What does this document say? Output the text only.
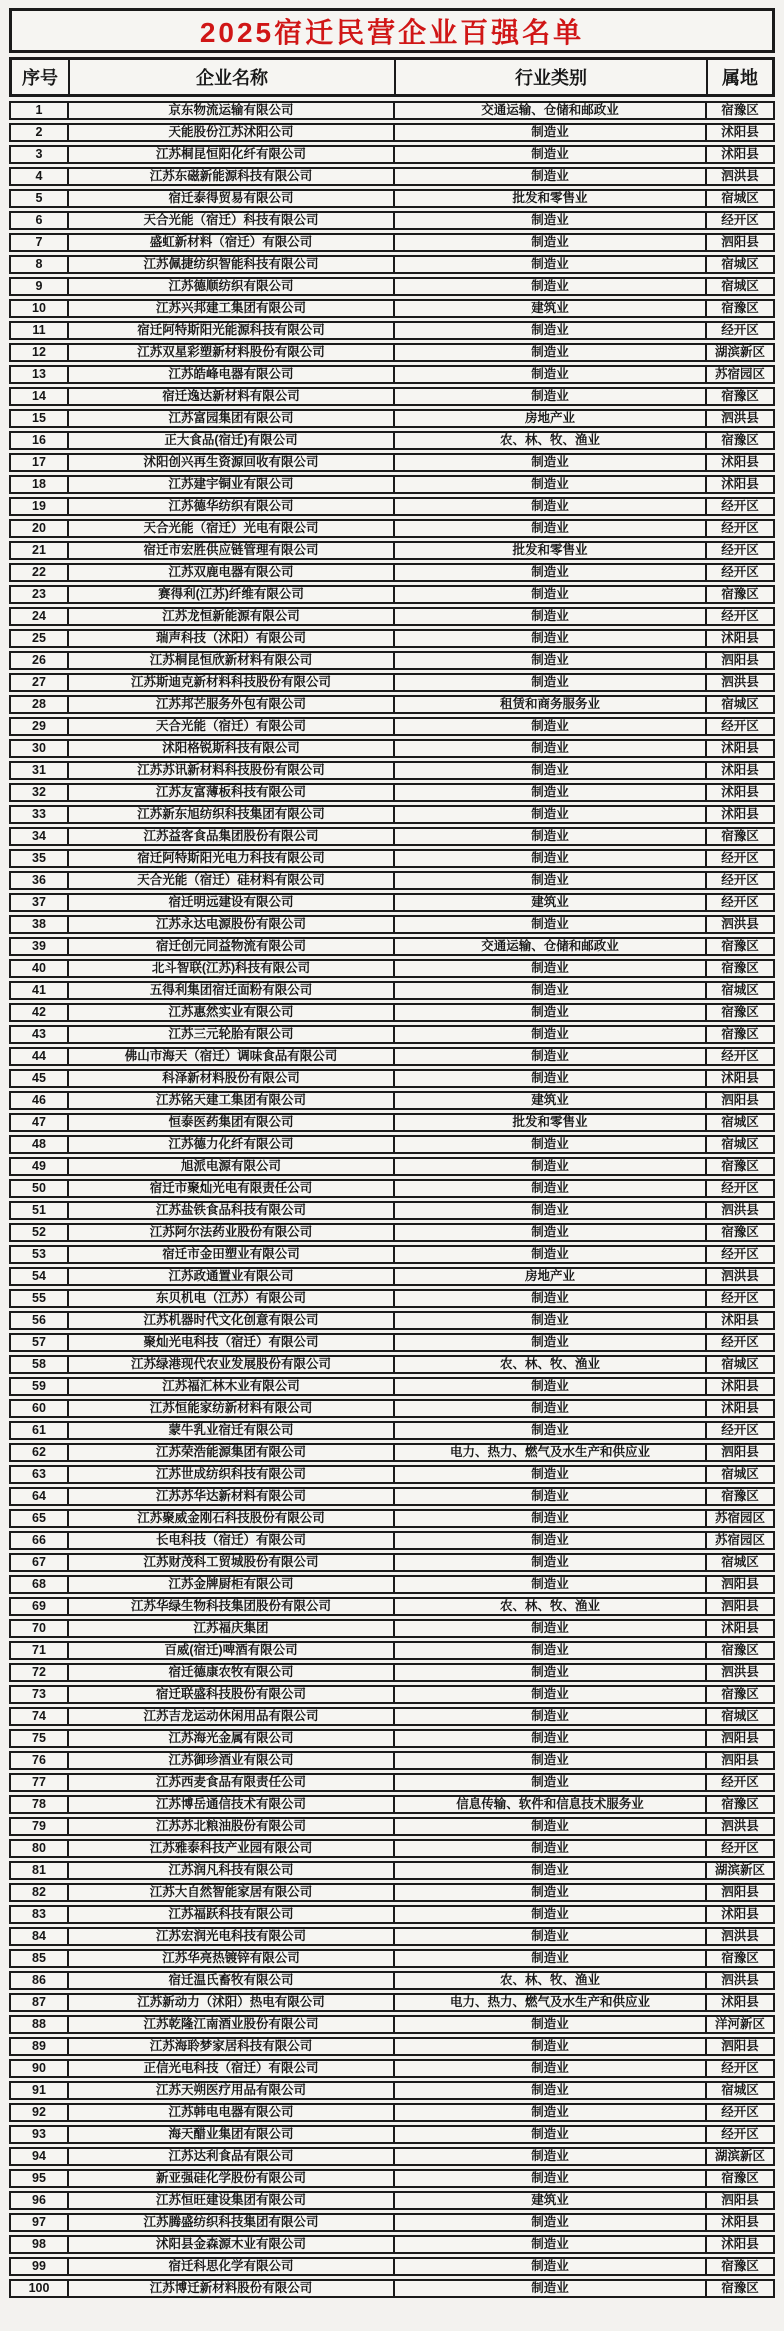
2025宿迁民营企业百强名单
序号	企业名称	行业类别	属地
1	京东物流运输有限公司	交通运输、仓储和邮政业	宿豫区
2	天能股份江苏沭阳公司	制造业	沭阳县
3	江苏桐昆恒阳化纤有限公司	制造业	沭阳县
4	江苏东磁新能源科技有限公司	制造业	泗洪县
5	宿迁泰得贸易有限公司	批发和零售业	宿城区
6	天合光能（宿迁）科技有限公司	制造业	经开区
7	盛虹新材料（宿迁）有限公司	制造业	泗阳县
8	江苏佩捷纺织智能科技有限公司	制造业	宿城区
9	江苏德顺纺织有限公司	制造业	宿城区
10	江苏兴邦建工集团有限公司	建筑业	宿豫区
11	宿迁阿特斯阳光能源科技有限公司	制造业	经开区
12	江苏双星彩塑新材料股份有限公司	制造业	湖滨新区
13	江苏皓峰电器有限公司	制造业	苏宿园区
14	宿迁逸达新材料有限公司	制造业	宿豫区
15	江苏富园集团有限公司	房地产业	泗洪县
16	正大食品(宿迁)有限公司	农、林、牧、渔业	宿豫区
17	沭阳创兴再生资源回收有限公司	制造业	沭阳县
18	江苏建宇铜业有限公司	制造业	沭阳县
19	江苏德华纺织有限公司	制造业	经开区
20	天合光能（宿迁）光电有限公司	制造业	经开区
21	宿迁市宏胜供应链管理有限公司	批发和零售业	经开区
22	江苏双鹿电器有限公司	制造业	经开区
23	赛得利(江苏)纤维有限公司	制造业	宿豫区
24	江苏龙恒新能源有限公司	制造业	经开区
25	瑞声科技（沭阳）有限公司	制造业	沭阳县
26	江苏桐昆恒欣新材料有限公司	制造业	泗阳县
27	江苏斯迪克新材料科技股份有限公司	制造业	泗洪县
28	江苏邦芒服务外包有限公司	租赁和商务服务业	宿城区
29	天合光能（宿迁）有限公司	制造业	经开区
30	沭阳格锐斯科技有限公司	制造业	沭阳县
31	江苏苏讯新材料科技股份有限公司	制造业	沭阳县
32	江苏友富薄板科技有限公司	制造业	沭阳县
33	江苏新东旭纺织科技集团有限公司	制造业	沭阳县
34	江苏益客食品集团股份有限公司	制造业	宿豫区
35	宿迁阿特斯阳光电力科技有限公司	制造业	经开区
36	天合光能（宿迁）硅材料有限公司	制造业	经开区
37	宿迁明远建设有限公司	建筑业	经开区
38	江苏永达电源股份有限公司	制造业	泗洪县
39	宿迁创元同益物流有限公司	交通运输、仓储和邮政业	宿豫区
40	北斗智联(江苏)科技有限公司	制造业	宿豫区
41	五得利集团宿迁面粉有限公司	制造业	宿城区
42	江苏惠然实业有限公司	制造业	宿豫区
43	江苏三元轮胎有限公司	制造业	宿豫区
44	佛山市海天（宿迁）调味食品有限公司	制造业	经开区
45	科泽新材料股份有限公司	制造业	沭阳县
46	江苏铭天建工集团有限公司	建筑业	泗阳县
47	恒泰医药集团有限公司	批发和零售业	宿城区
48	江苏德力化纤有限公司	制造业	宿城区
49	旭派电源有限公司	制造业	宿豫区
50	宿迁市聚灿光电有限责任公司	制造业	经开区
51	江苏盐铁食品科技有限公司	制造业	泗洪县
52	江苏阿尔法药业股份有限公司	制造业	宿豫区
53	宿迁市金田塑业有限公司	制造业	经开区
54	江苏政通置业有限公司	房地产业	泗洪县
55	东贝机电（江苏）有限公司	制造业	经开区
56	江苏机器时代文化创意有限公司	制造业	沭阳县
57	聚灿光电科技（宿迁）有限公司	制造业	经开区
58	江苏绿港现代农业发展股份有限公司	农、林、牧、渔业	宿城区
59	江苏福汇林木业有限公司	制造业	沭阳县
60	江苏恒能家纺新材料有限公司	制造业	沭阳县
61	蒙牛乳业宿迁有限公司	制造业	经开区
62	江苏荣浩能源集团有限公司	电力、热力、燃气及水生产和供应业	泗阳县
63	江苏世成纺织科技有限公司	制造业	宿城区
64	江苏苏华达新材料有限公司	制造业	宿豫区
65	江苏聚威金刚石科技股份有限公司	制造业	苏宿园区
66	长电科技（宿迁）有限公司	制造业	苏宿园区
67	江苏财茂科工贸城股份有限公司	制造业	宿城区
68	江苏金牌厨柜有限公司	制造业	泗阳县
69	江苏华绿生物科技集团股份有限公司	农、林、牧、渔业	泗阳县
70	江苏福庆集团	制造业	沭阳县
71	百威(宿迁)啤酒有限公司	制造业	宿豫区
72	宿迁德康农牧有限公司	制造业	泗洪县
73	宿迁联盛科技股份有限公司	制造业	宿豫区
74	江苏吉龙运动休闲用品有限公司	制造业	宿城区
75	江苏海光金属有限公司	制造业	泗阳县
76	江苏御珍酒业有限公司	制造业	泗阳县
77	江苏西麦食品有限责任公司	制造业	经开区
78	江苏博岳通信技术有限公司	信息传输、软件和信息技术服务业	宿豫区
79	江苏苏北粮油股份有限公司	制造业	泗洪县
80	江苏雅泰科技产业园有限公司	制造业	经开区
81	江苏润凡科技有限公司	制造业	湖滨新区
82	江苏大自然智能家居有限公司	制造业	泗阳县
83	江苏福跃科技有限公司	制造业	沭阳县
84	江苏宏润光电科技有限公司	制造业	泗洪县
85	江苏华亮热镀锌有限公司	制造业	宿豫区
86	宿迁温氏畜牧有限公司	农、林、牧、渔业	泗洪县
87	江苏新动力（沭阳）热电有限公司	电力、热力、燃气及水生产和供应业	沭阳县
88	江苏乾隆江南酒业股份有限公司	制造业	洋河新区
89	江苏海聆梦家居科技有限公司	制造业	泗阳县
90	正信光电科技（宿迁）有限公司	制造业	经开区
91	江苏天朔医疗用品有限公司	制造业	宿城区
92	江苏韩电电器有限公司	制造业	经开区
93	海天醋业集团有限公司	制造业	经开区
94	江苏达利食品有限公司	制造业	湖滨新区
95	新亚强硅化学股份有限公司	制造业	宿豫区
96	江苏恒旺建设集团有限公司	建筑业	泗阳县
97	江苏腾盛纺织科技集团有限公司	制造业	沭阳县
98	沭阳县金森源木业有限公司	制造业	沭阳县
99	宿迁科思化学有限公司	制造业	宿豫区
100	江苏博迁新材料股份有限公司	制造业	宿豫区
